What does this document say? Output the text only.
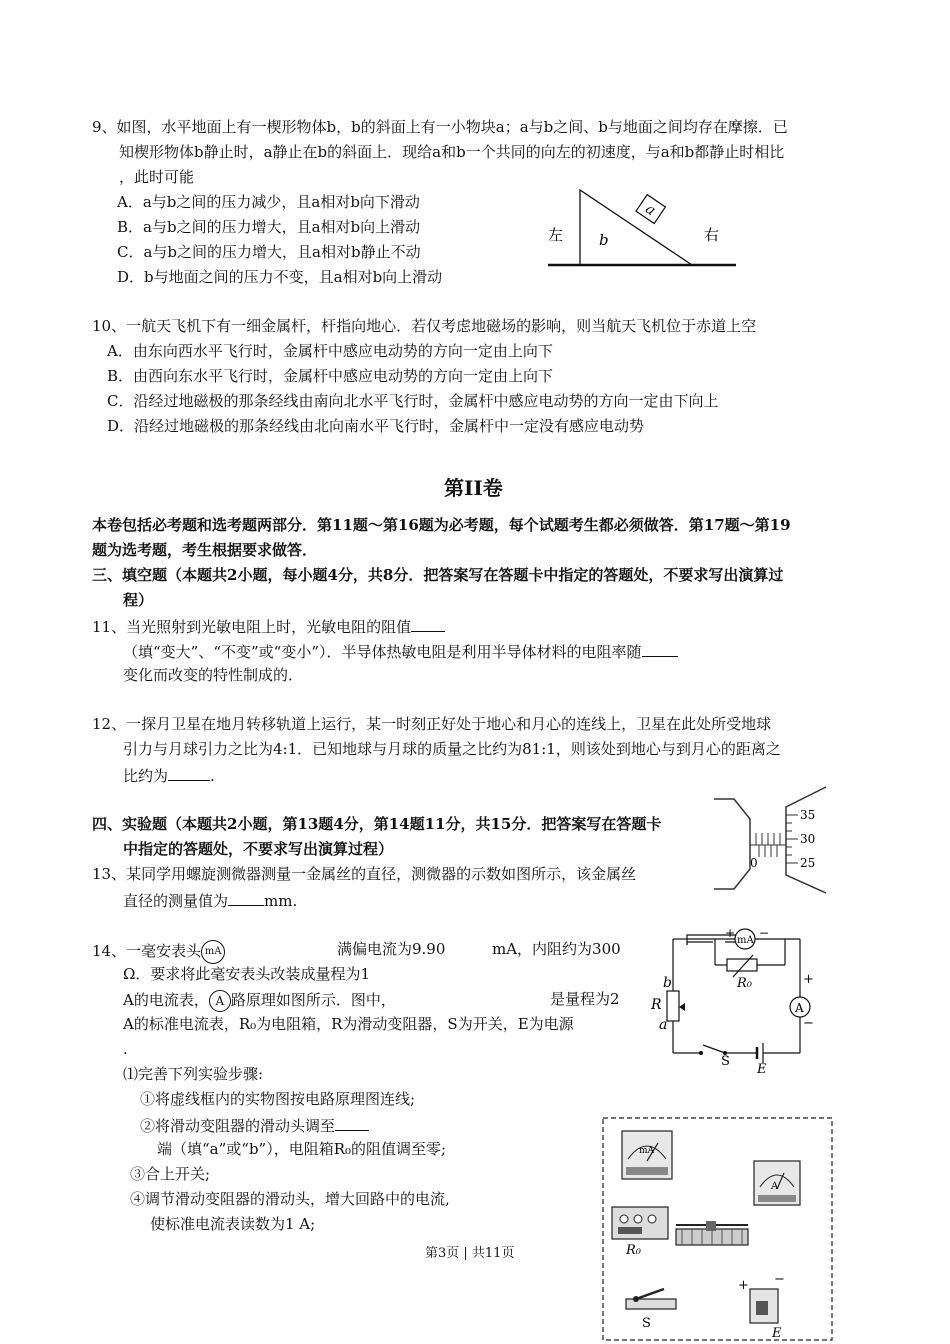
9、如图，水平地面上有一楔形物体b，b的斜面上有一小物块a；a与b之间、b与地面之间均存在摩擦．已
知楔形物体b静止时，a静止在b的斜面上．现给a和b一个共同的向左的初速度，与a和b都静止时相比
，此时可能
A．a与b之间的压力减少，且a相对b向下滑动
B．a与b之间的压力增大，且a相对b向上滑动
C．a与b之间的压力增大，且a相对b静止不动
D．b与地面之间的压力不变，且a相对b向上滑动
a
b
左	右
10、一航天飞机下有一细金属杆，杆指向地心．若仅考虑地磁场的影响，则当航天飞机位于赤道上空
A．由东向西水平飞行时，金属杆中感应电动势的方向一定由上向下
B．由西向东水平飞行时，金属杆中感应电动势的方向一定由上向下
C．沿经过地磁极的那条经线由南向北水平飞行时，金属杆中感应电动势的方向一定由下向上
D．沿经过地磁极的那条经线由北向南水平飞行时，金属杆中一定没有感应电动势
第II卷
本卷包括必考题和选考题两部分．第11题～第16题为必考题，每个试题考生都必须做答．第17题～第19
题为选考题，考生根据要求做答．
三、填空题（本题共2小题，每小题4分，共8分．把答案写在答题卡中指定的答题处，不要求写出演算过
程）
11、当光照射到光敏电阻上时，光敏电阻的阻值
（填“变大”、“不变”或“变小”）．半导体热敏电阻是利用半导体材料的电阻率随
变化而改变的特性制成的．
12、一探月卫星在地月转移轨道上运行，某一时刻正好处于地心和月心的连线上，卫星在此处所受地球
引力与月球引力之比为4:1．已知地球与月球的质量之比约为81:1，则该处到地心与到月心的距离之
比约为	.
四、实验题（本题共2小题，第13题4分，第14题11分，共15分．把答案写在答题卡
中指定的答题处，不要求写出演算过程）
13、某同学用螺旋测微器测量一金属丝的直径，测微器的示数如图所示，该金属丝
直径的测量值为 mm.
35
30
25
0
14、一毫安表头 mA	满偏电流为9.90	mA，内阻约为300
Ω．要求将此毫安表头改装成量程为1
A的电流表， A 路原理如图所示．图中，	是量程为2
A的标准电流表，R₀为电阻箱，R为滑动变阻器，S为开关，E为电源
.
⑴完善下列实验步骤:
①将虚线框内的实物图按电路原理图连线;
②将滑动变阻器的滑动头调至
端（填“a”或“b”），电阻箱R₀的阻值调至零;
③合上开关;
④调节滑动变阻器的滑动头，增大回路中的电流,
使标准电流表读数为1 A;
mA
+ −
R₀
A
+
−
b
R
a
S
E
mA
A
R₀
S
+ −
E
第3页 | 共11页
